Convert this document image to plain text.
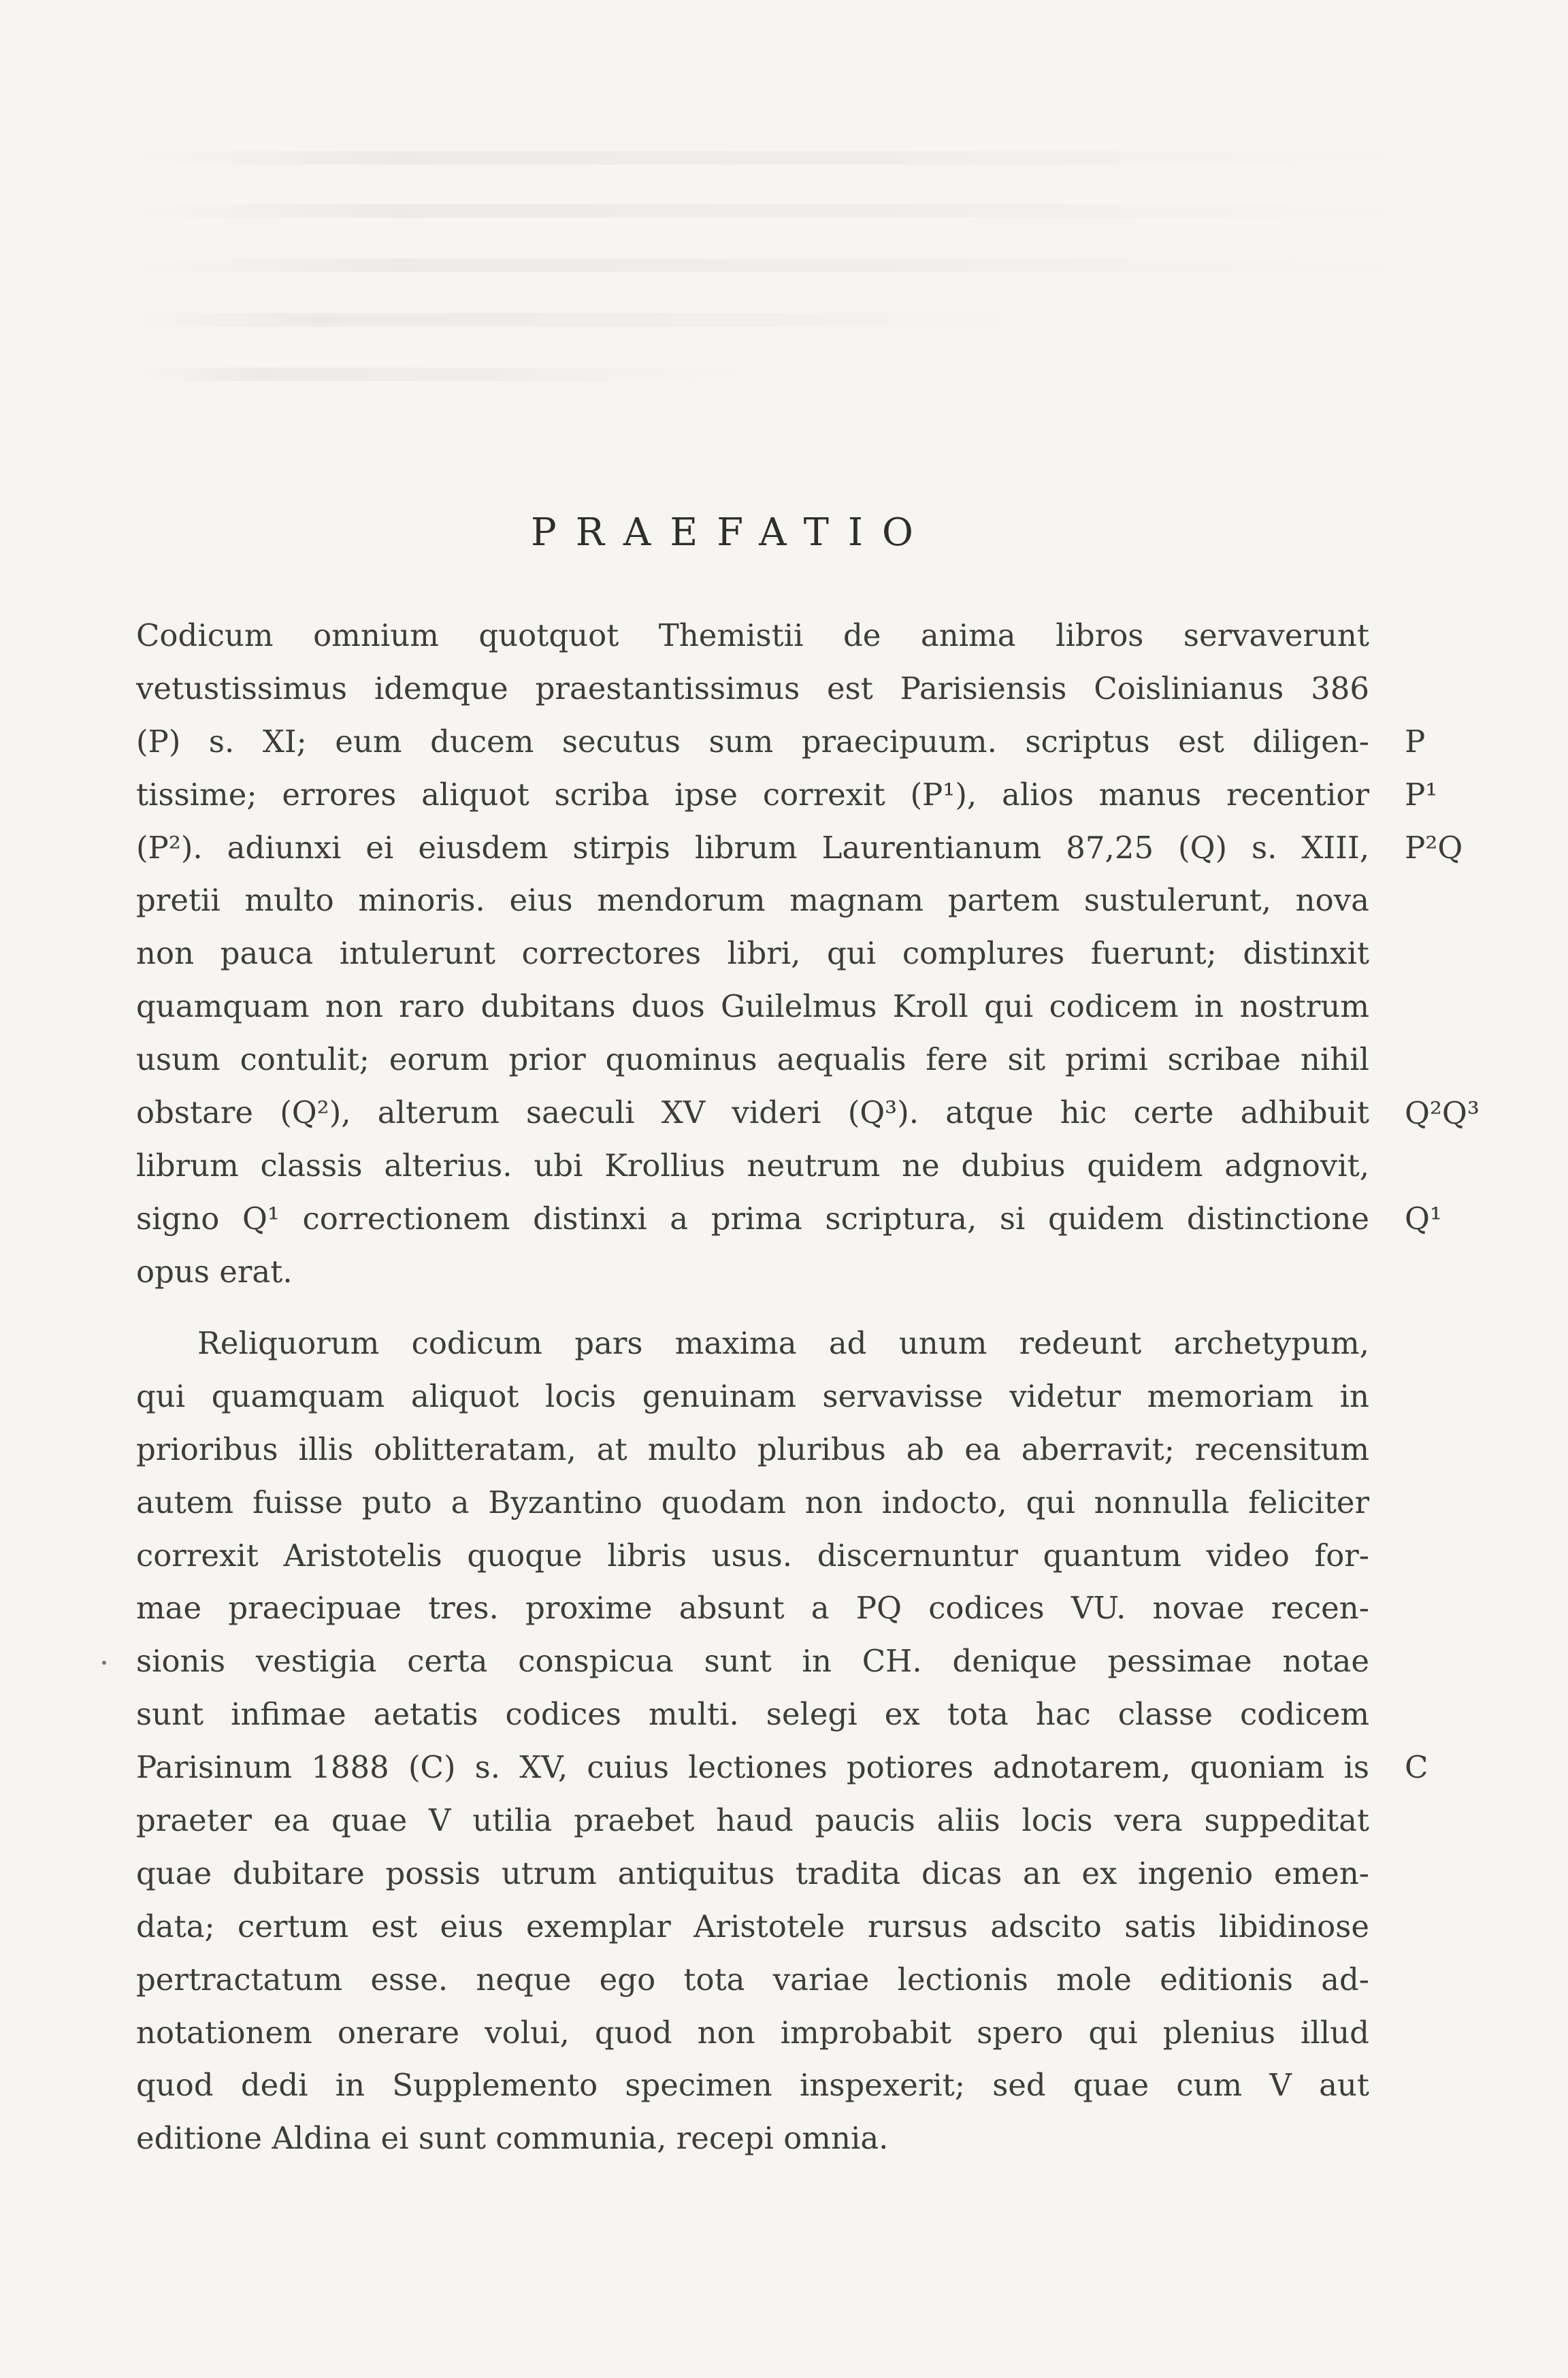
PRAEFATIO
Codicum omnium quotquot Themistii de anima libros servaverunt
vetustissimus idemque praestantissimus est Parisiensis Coislinianus 386
(P) s. XI; eum ducem secutus sum praecipuum. scriptus est diligen-
tissime; errores aliquot scriba ipse correxit (P¹), alios manus recentior
(P²). adiunxi ei eiusdem stirpis librum Laurentianum 87,25 (Q) s. XIII,
pretii multo minoris. eius mendorum magnam partem sustulerunt, nova
non pauca intulerunt correctores libri, qui complures fuerunt; distinxit
quamquam non raro dubitans duos Guilelmus Kroll qui codicem in nostrum
usum contulit; eorum prior quominus aequalis fere sit primi scribae nihil
obstare (Q²), alterum saeculi XV videri (Q³). atque hic certe adhibuit
librum classis alterius. ubi Krollius neutrum ne dubius quidem adgnovit,
signo Q¹ correctionem distinxi a prima scriptura, si quidem distinctione
opus erat.
Reliquorum codicum pars maxima ad unum redeunt archetypum,
qui quamquam aliquot locis genuinam servavisse videtur memoriam in
prioribus illis oblitteratam, at multo pluribus ab ea aberravit; recensitum
autem fuisse puto a Byzantino quodam non indocto, qui nonnulla feliciter
correxit Aristotelis quoque libris usus. discernuntur quantum video for-
mae praecipuae tres. proxime absunt a PQ codices VU. novae recen-
sionis vestigia certa conspicua sunt in CH. denique pessimae notae
sunt infimae aetatis codices multi. selegi ex tota hac classe codicem
Parisinum 1888 (C) s. XV, cuius lectiones potiores adnotarem, quoniam is
praeter ea quae V utilia praebet haud paucis aliis locis vera suppeditat
quae dubitare possis utrum antiquitus tradita dicas an ex ingenio emen-
data; certum est eius exemplar Aristotele rursus adscito satis libidinose
pertractatum esse. neque ego tota variae lectionis mole editionis ad-
notationem onerare volui, quod non improbabit spero qui plenius illud
quod dedi in Supplemento specimen inspexerit; sed quae cum V aut
editione Aldina ei sunt communia, recepi omnia.
P
P¹
P²Q
Q²Q³
Q¹
C
